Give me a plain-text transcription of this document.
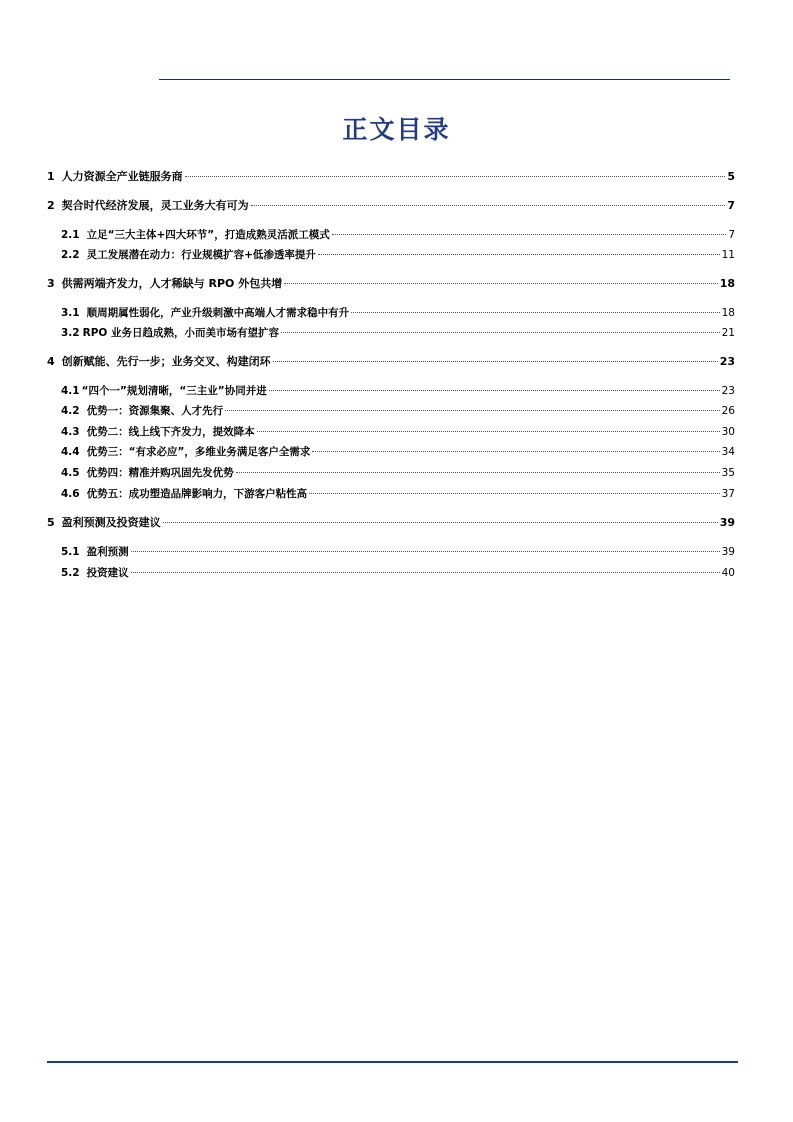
正文目录
1 人力资源全产业链服务商	5
2 契合时代经济发展，灵工业务大有可为	7
2.1 立足“三大主体+四大环节”，打造成熟灵活派工模式	7
2.2 灵工发展潜在动力：行业规模扩容+低渗透率提升	11
3 供需两端齐发力，人才稀缺与 RPO 外包共增	18
3.1 顺周期属性弱化，产业升级刺激中高端人才需求稳中有升	18
3.2 RPO 业务日趋成熟，小而美市场有望扩容	21
4 创新赋能、先行一步；业务交叉、构建闭环	23
4.1 “四个一”规划清晰，“三主业”协同并进	23
4.2 优势一：资源集聚、人才先行	26
4.3 优势二：线上线下齐发力，提效降本	30
4.4 优势三：“有求必应”，多维业务满足客户全需求	34
4.5 优势四：精准并购巩固先发优势	35
4.6 优势五：成功塑造品牌影响力，下游客户粘性高	37
5 盈利预测及投资建议	39
5.1 盈利预测	39
5.2 投资建议	40
